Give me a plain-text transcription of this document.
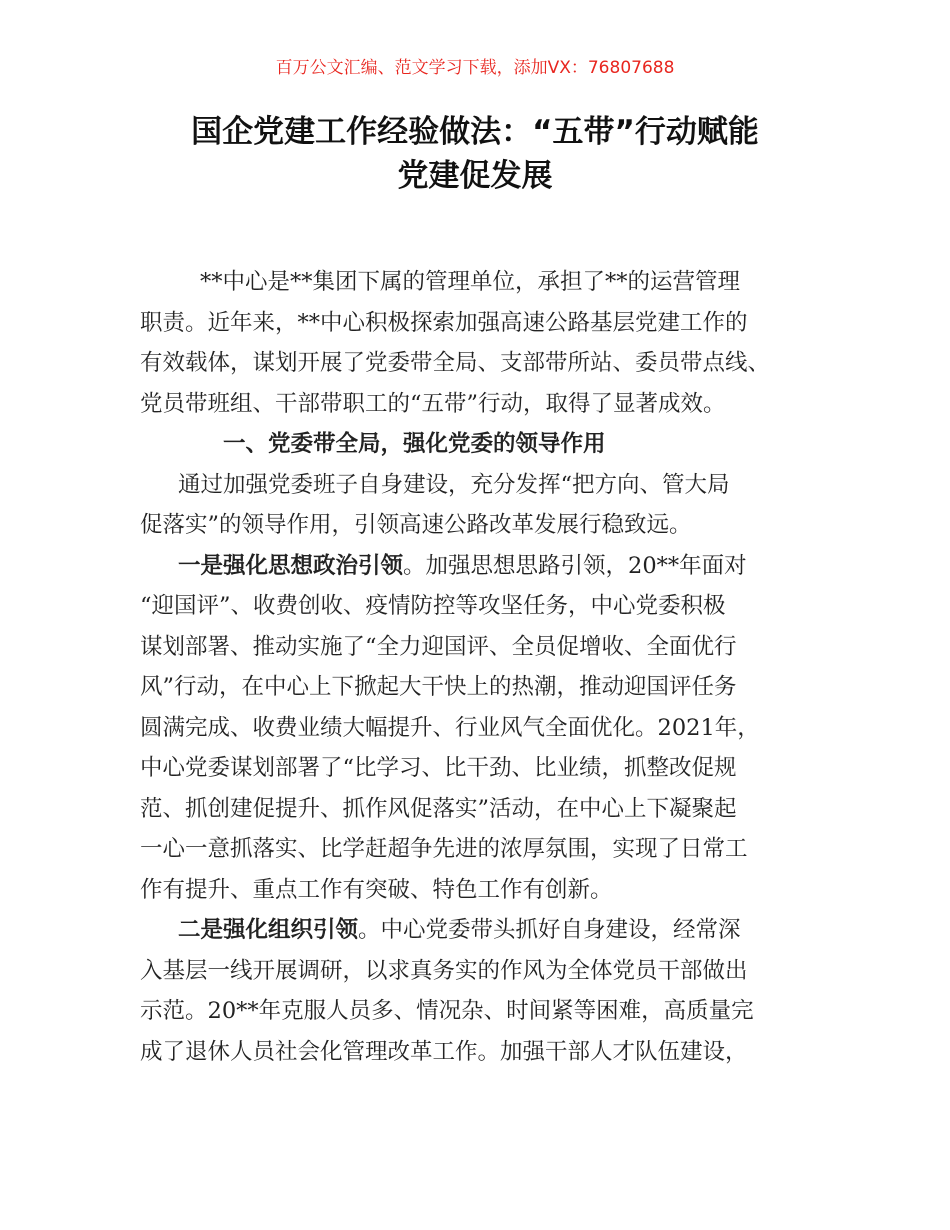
百万公文汇编、范文学习下载，添加VX：76807688
国企党建工作经验做法：“五带”行动赋能
党建促发展
**中心是**集团下属的管理单位，承担了**的运营管理
职责。近年来，**中心积极探索加强高速公路基层党建工作的
有效载体，谋划开展了党委带全局、支部带所站、委员带点线、
党员带班组、干部带职工的“五带”行动，取得了显著成效。
一、党委带全局，强化党委的领导作用
通过加强党委班子自身建设，充分发挥“把方向、管大局
促落实”的领导作用，引领高速公路改革发展行稳致远。
一是强化思想政治引领。加强思想思路引领，20**年面对
“迎国评”、收费创收、疫情防控等攻坚任务，中心党委积极
谋划部署、推动实施了“全力迎国评、全员促增收、全面优行
风”行动，在中心上下掀起大干快上的热潮，推动迎国评任务
圆满完成、收费业绩大幅提升、行业风气全面优化。2021年，
中心党委谋划部署了“比学习、比干劲、比业绩，抓整改促规
范、抓创建促提升、抓作风促落实”活动，在中心上下凝聚起
一心一意抓落实、比学赶超争先进的浓厚氛围，实现了日常工
作有提升、重点工作有突破、特色工作有创新。
二是强化组织引领。中心党委带头抓好自身建设，经常深
入基层一线开展调研，以求真务实的作风为全体党员干部做出
示范。20**年克服人员多、情况杂、时间紧等困难，高质量完
成了退休人员社会化管理改革工作。加强干部人才队伍建设，
